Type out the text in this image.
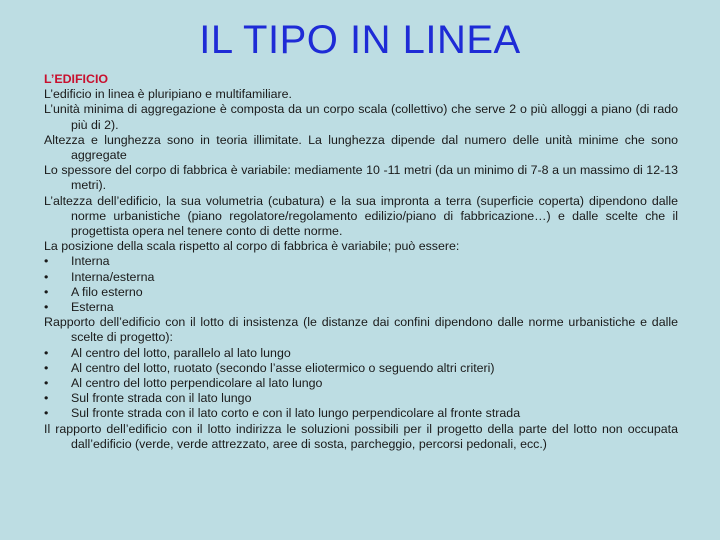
IL TIPO IN LINEA
L’EDIFICIO
L’edificio in linea è pluripiano e multifamiliare.
L’unità minima di aggregazione è composta da un corpo scala (collettivo) che serve 2 o più alloggi a piano (di rado più di 2).
Altezza e lunghezza sono in teoria illimitate. La lunghezza dipende dal numero delle unità minime che sono aggregate
Lo spessore del corpo di fabbrica è variabile: mediamente 10 -11 metri (da un minimo di 7-8 a un massimo di 12-13 metri).
L’altezza dell’edificio, la sua volumetria (cubatura) e la sua impronta a terra (superficie coperta) dipendono dalle norme urbanistiche (piano regolatore/regolamento edilizio/piano di fabbricazione…) e dalle scelte che il progettista opera nel tenere conto di dette norme.
La posizione della scala rispetto al corpo di fabbrica è variabile; può essere:
•	Interna
•	Interna/esterna
•	A filo esterno
•	Esterna
Rapporto dell’edificio con il lotto di insistenza (le distanze dai confini dipendono dalle norme urbanistiche e dalle scelte di progetto):
•	Al centro del lotto, parallelo al lato lungo
•	Al centro del lotto, ruotato (secondo l’asse eliotermico o seguendo altri criteri)
•	Al centro del lotto perpendicolare al lato lungo
•	Sul fronte strada con il lato lungo
•	Sul fronte strada con il lato corto e con il lato lungo perpendicolare al fronte strada
Il rapporto dell’edificio con il lotto indirizza le soluzioni possibili per il progetto della parte del lotto non occupata dall’edificio (verde, verde attrezzato, aree di sosta, parcheggio, percorsi pedonali, ecc.)
